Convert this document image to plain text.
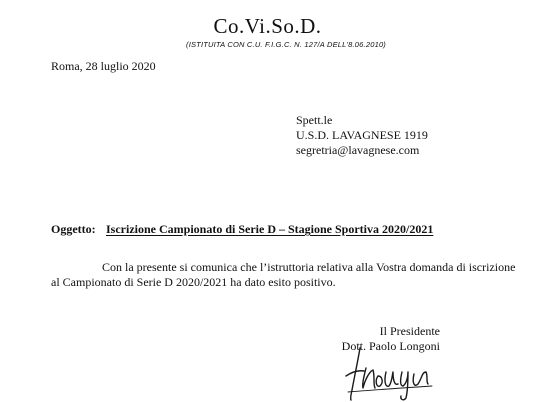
Co.Vi.So.D.
(ISTITUITA CON C.U. F.I.G.C. N. 127/A DELL'8.06.2010)
Roma, 28 luglio 2020
Spett.le
U.S.D. LAVAGNESE 1919
segretria@lavagnese.com
Oggetto: Iscrizione Campionato di Serie D – Stagione Sportiva 2020/2021
Con la presente si comunica che l’istruttoria relativa alla Vostra domanda di iscrizione
al Campionato di Serie D 2020/2021 ha dato esito positivo.
Il Presidente
Dott. Paolo Longoni
